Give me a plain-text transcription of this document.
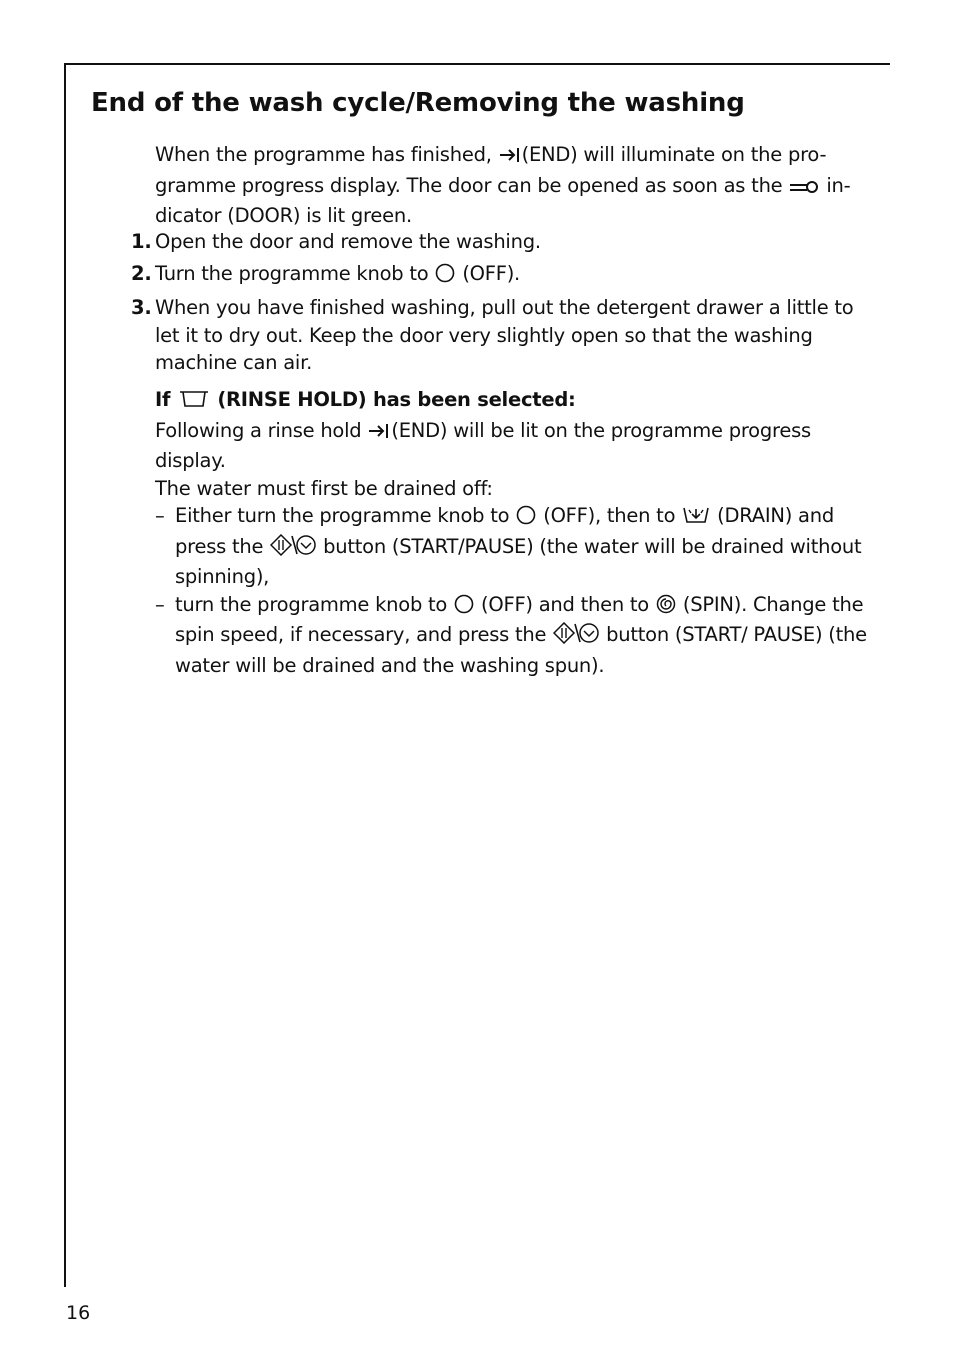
End of the wash cycle/Removing the washing

When the programme has finished, (END) will illuminate on the pro- gramme progress display. The door can be opened as soon as the in- dicator (DOOR) is lit green.

1. Open the door and remove the washing.
2. Turn the programme knob to (OFF).
3. When you have finished washing, pull out the detergent drawer a little to let it to dry out. Keep the door very slightly open so that the washing machine can air.

If (RINSE HOLD) has been selected:

Following a rinse hold (END) will be lit on the programme progress display.

The water must first be drained off:

– Either turn the programme knob to (OFF), then to (DRAIN) and press the	button (START/PAUSE) (the water will be drained without spinning),
– turn the programme knob to (OFF) and then to (SPIN). Change the spin speed, if necessary, and press the	button (START/ PAUSE) (the water will be drained and the washing spun).
16
